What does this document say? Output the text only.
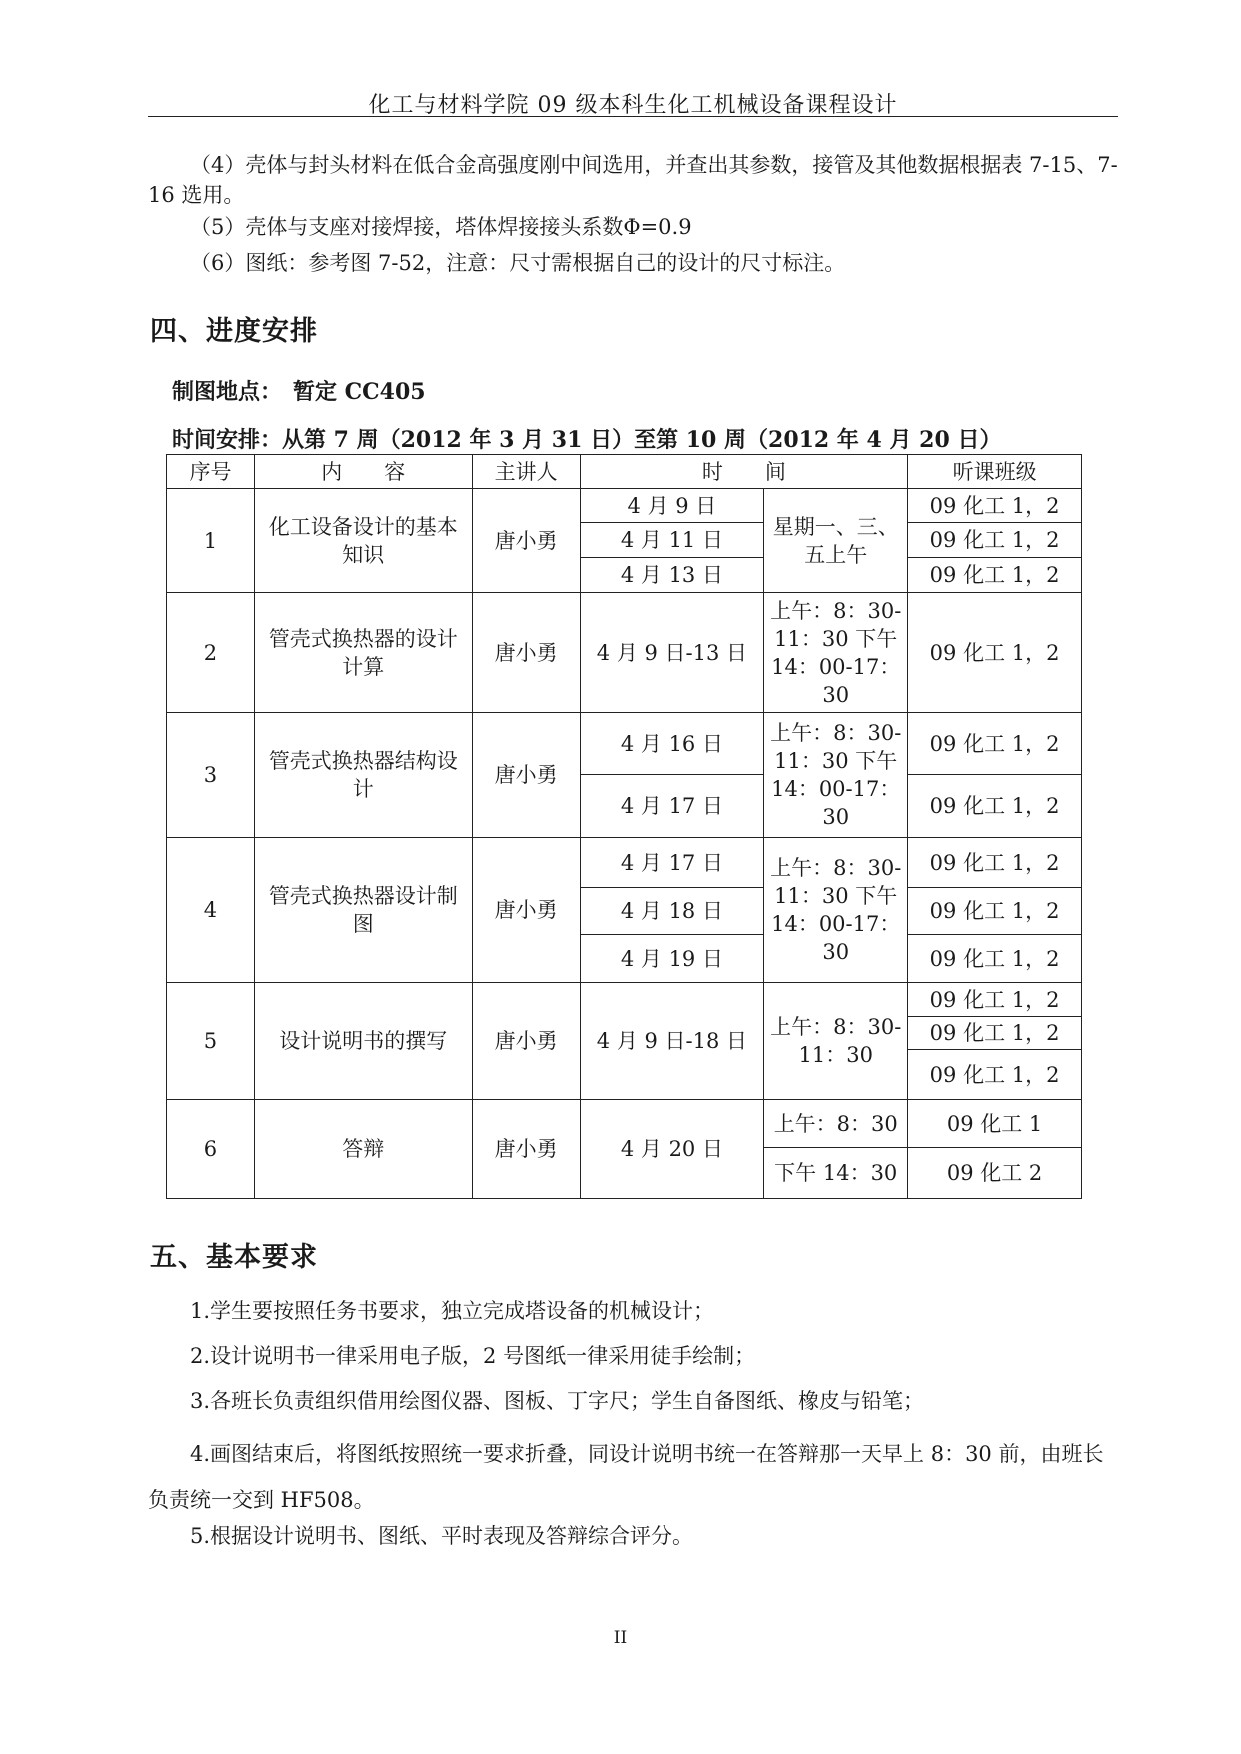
化工与材料学院 09 级本科生化工机械设备课程设计
（4）壳体与封头材料在低合金高强度刚中间选用，并查出其参数，接管及其他数据根据表 7-15、7-16 选用。
（5）壳体与支座对接焊接，塔体焊接接头系数Φ=0.9
（6）图纸：参考图 7-52，注意：尺寸需根据自己的设计的尺寸标注。
四、进度安排
制图地点：　暂定 CC405
时间安排：从第 7 周（2012 年 3 月 31 日）至第 10 周（2012 年 4 月 20 日）
序号	内　　容	主讲人	时　　间		听课班级
1	化工设备设计的基本知识	唐小勇	4 月 9 日	星期一、三、五上午	09 化工 1，2
			4 月 11 日		09 化工 1，2
			4 月 13 日		09 化工 1，2
2	管壳式换热器的设计计算	唐小勇	4 月 9 日-13 日	上午：8：30-11：30 下午 14：00-17：30	09 化工 1，2
3	管壳式换热器结构设计	唐小勇	4 月 16 日	上午：8：30-11：30 下午 14：00-17：30	09 化工 1，2
			4 月 17 日		09 化工 1，2
4	管壳式换热器设计制图	唐小勇	4 月 17 日	上午：8：30-11：30 下午 14：00-17：30	09 化工 1，2
			4 月 18 日		09 化工 1，2
			4 月 19 日		09 化工 1，2
5	设计说明书的撰写	唐小勇	4 月 9 日-18 日	上午：8：30-11：30	09 化工 1，2
					09 化工 1，2
					09 化工 1，2
6	答辩	唐小勇	4 月 20 日	上午：8：30	09 化工 1
				下午 14：30	09 化工 2
五、基本要求
1.学生要按照任务书要求，独立完成塔设备的机械设计；
2.设计说明书一律采用电子版，2 号图纸一律采用徒手绘制；
3.各班长负责组织借用绘图仪器、图板、丁字尺；学生自备图纸、橡皮与铅笔；
4.画图结束后，将图纸按照统一要求折叠，同设计说明书统一在答辩那一天早上 8：30 前，由班长负责统一交到 HF508。
5.根据设计说明书、图纸、平时表现及答辩综合评分。
II
